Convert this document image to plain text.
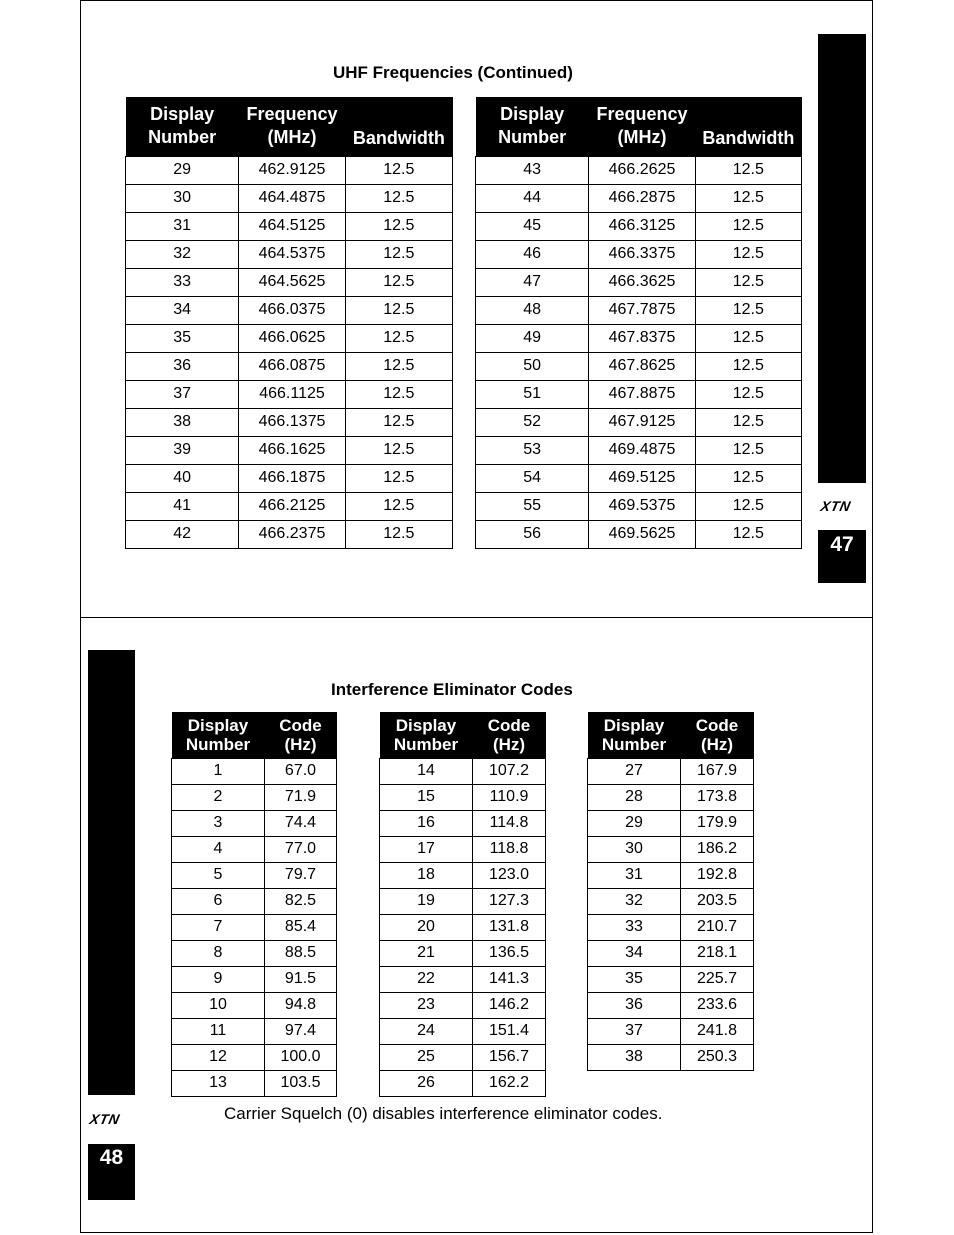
UHF Frequencies (Continued)
Display
Number	Frequency
(MHz)	Bandwidth
29	462.9125	12.5
30	464.4875	12.5
31	464.5125	12.5
32	464.5375	12.5
33	464.5625	12.5
34	466.0375	12.5
35	466.0625	12.5
36	466.0875	12.5
37	466.1125	12.5
38	466.1375	12.5
39	466.1625	12.5
40	466.1875	12.5
41	466.2125	12.5
42	466.2375	12.5
Display
Number	Frequency
(MHz)	Bandwidth
43	466.2625	12.5
44	466.2875	12.5
45	466.3125	12.5
46	466.3375	12.5
47	466.3625	12.5
48	467.7875	12.5
49	467.8375	12.5
50	467.8625	12.5
51	467.8875	12.5
52	467.9125	12.5
53	469.4875	12.5
54	469.5125	12.5
55	469.5375	12.5
56	469.5625	12.5
XTN
47
XTN
48
Interference Eliminator Codes
Display
Number	Code
(Hz)
1	67.0
2	71.9
3	74.4
4	77.0
5	79.7
6	82.5
7	85.4
8	88.5
9	91.5
10	94.8
11	97.4
12	100.0
13	103.5
Display
Number	Code
(Hz)
14	107.2
15	110.9
16	114.8
17	118.8
18	123.0
19	127.3
20	131.8
21	136.5
22	141.3
23	146.2
24	151.4
25	156.7
26	162.2
Display
Number	Code
(Hz)
27	167.9
28	173.8
29	179.9
30	186.2
31	192.8
32	203.5
33	210.7
34	218.1
35	225.7
36	233.6
37	241.8
38	250.3
Carrier Squelch (0) disables interference eliminator codes.
